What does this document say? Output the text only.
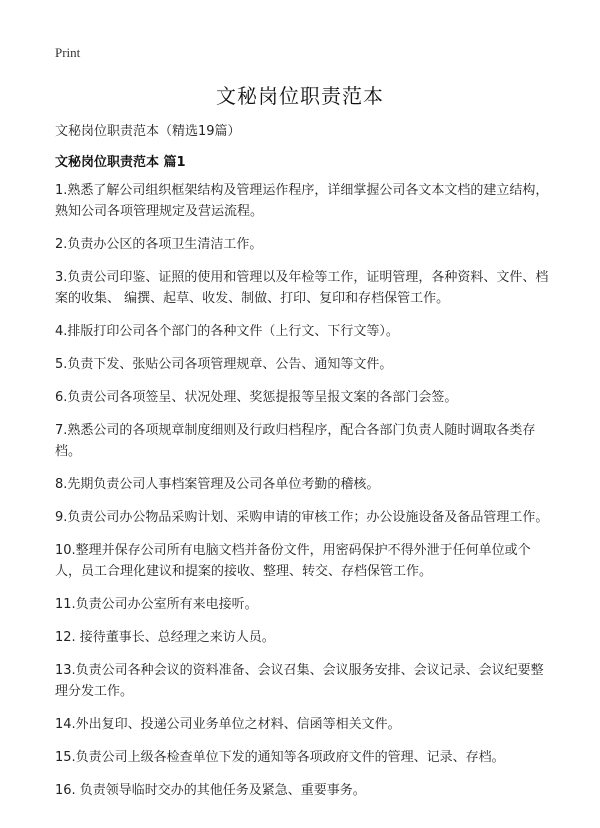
Print
文秘岗位职责范本
文秘岗位职责范本（精选19篇）
文秘岗位职责范本 篇1

1.熟悉了解公司组织框架结构及管理运作程序，详细掌握公司各文本文档的建立结构，熟知公司各项管理规定及营运流程。

2.负责办公区的各项卫生清洁工作。

3.负责公司印鉴、证照的使用和管理以及年检等工作，证明管理，各种资料、文件、档案的收集、 编撰、起草、收发、制做、打印、复印和存档保管工作。

4.排版打印公司各个部门的各种文件（上行文、下行文等）。

5.负责下发、张贴公司各项管理规章、公告、通知等文件。

6.负责公司各项签呈、状况处理、奖惩提报等呈报文案的各部门会签。

7.熟悉公司的各项规章制度细则及行政归档程序，配合各部门负责人随时调取各类存档。

8.先期负责公司人事档案管理及公司各单位考勤的稽核。

9.负责公司办公物品采购计划、采购申请的审核工作；办公设施设备及备品管理工作。

10.整理并保存公司所有电脑文档并备份文件，用密码保护不得外泄于任何单位或个人，员工合理化建议和提案的接收、整理、转交、存档保管工作。

11.负责公司办公室所有来电接听。

12. 接待董事长、总经理之来访人员。

13.负责公司各种会议的资料准备、会议召集、会议服务安排、会议记录、会议纪要整理分发工作。

14.外出复印、投递公司业务单位之材料、信函等相关文件。

15.负责公司上级各检查单位下发的通知等各项政府文件的管理、记录、存档。

16. 负责领导临时交办的其他任务及紧急、重要事务。
